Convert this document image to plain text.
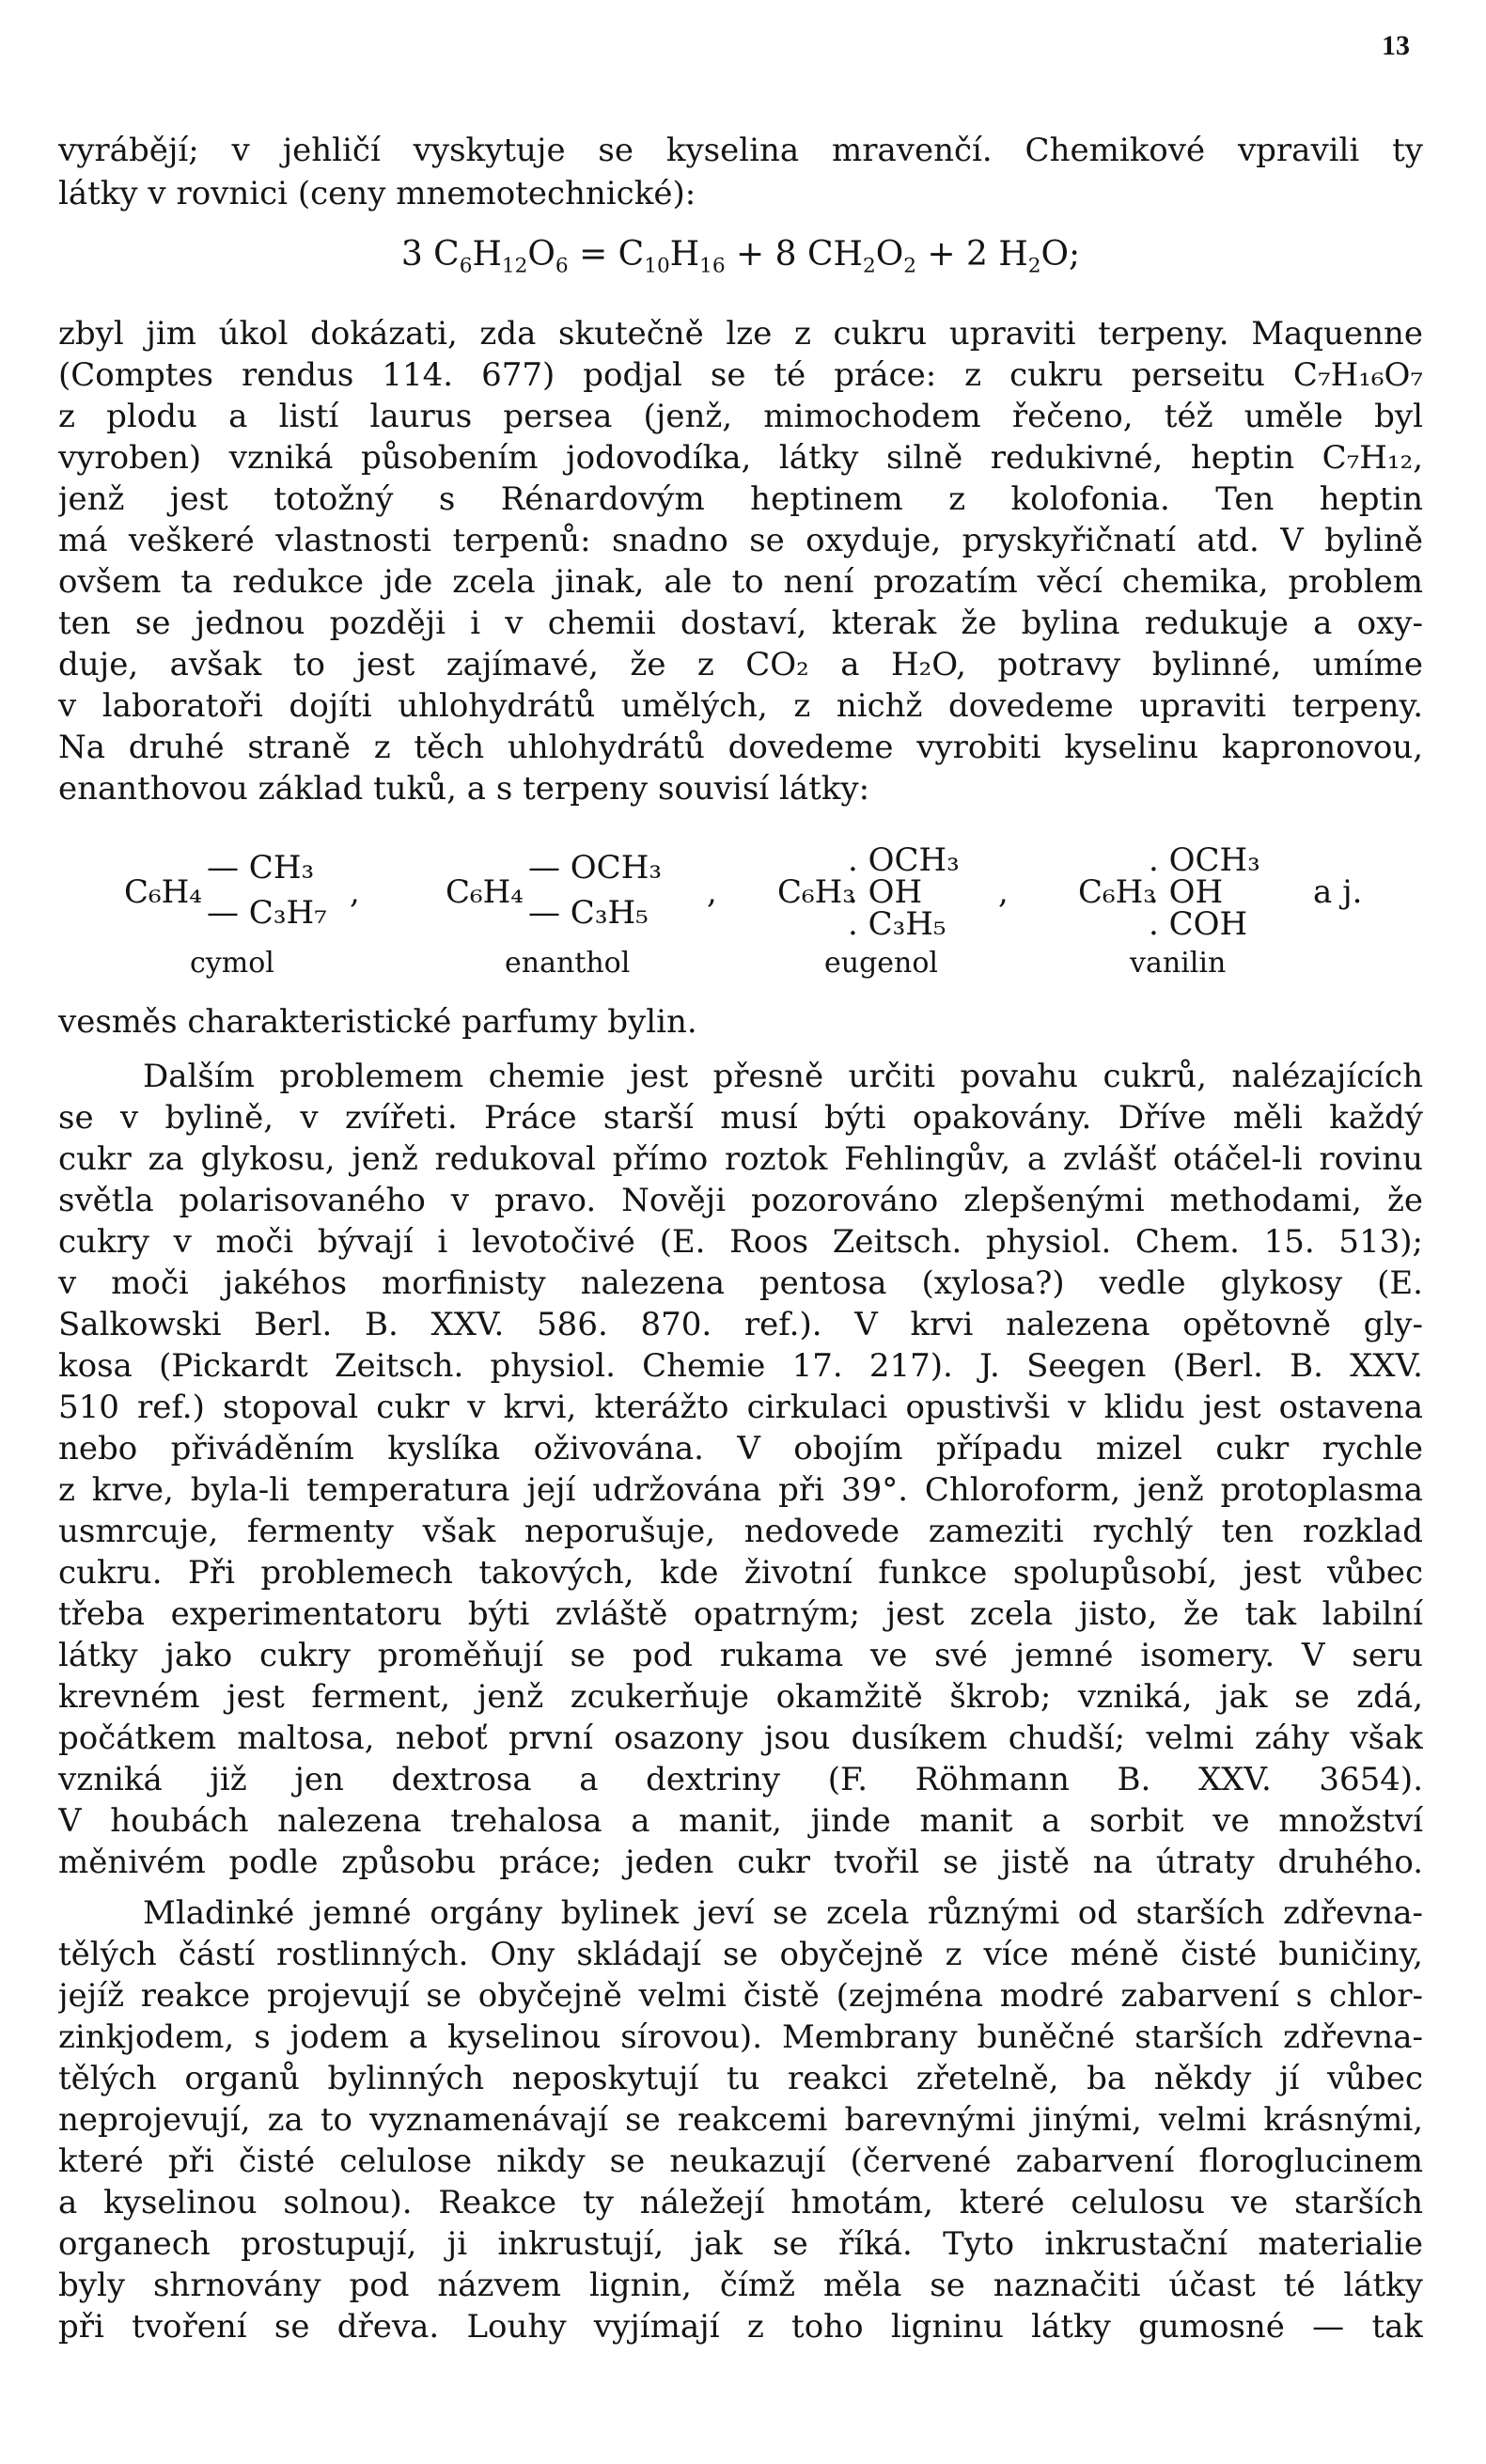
13
vyrábějí; v jehličí vyskytuje se kyselina mravenčí. Chemikové vpravili ty
látky v rovnici (ceny mnemotechnické):
3 $C_6H_{12}O_6 = C_{10}H_{16} + 8$ $CH_2O_2 + 2$ $H_2O$;
zbyl jim úkol dokázati, zda skutečně lze z cukru upraviti terpeny. Maquenne
(Comptes rendus 114. 677) podjal se té práce: z cukru perseitu C₇H₁₆O₇
z plodu a listí laurus persea (jenž, mimochodem řečeno, též uměle byl
vyroben) vzniká působením jodovodíka, látky silně redukivné, heptin C₇H₁₂,
jenž jest totožný s Rénardovým heptinem z kolofonia. Ten heptin
má veškeré vlastnosti terpenů: snadno se oxyduje, pryskyřičnatí atd. V bylině
ovšem ta redukce jde zcela jinak, ale to není prozatím věcí chemika, problem
ten se jednou později i v chemii dostaví, kterak že bylina redukuje a oxy-
duje, avšak to jest zajímavé, že z CO₂ a H₂O, potravy bylinné, umíme
v laboratoři dojíti uhlohydrátů umělých, z nichž dovedeme upraviti terpeny.
Na druhé straně z těch uhlohydrátů dovedeme vyrobiti kyselinu kapronovou,
enanthovou základ tuků, a s terpeny souvisí látky:
C₆H₄
— CH₃
— C₃H₇
,
cymol
C₆H₄
— OCH₃
— C₃H₅
,
enanthol
C₆H₃
. OCH₃
. OH
. C₃H₅
,
eugenol
C₆H₃
. OCH₃
. OH
. COH
a j.
vanilin
vesměs charakteristické parfumy bylin.
Dalším problemem chemie jest přesně určiti povahu cukrů, nalézajících
se v bylině, v zvířeti. Práce starší musí býti opakovány. Dříve měli každý
cukr za glykosu, jenž redukoval přímo roztok Fehlingův, a zvlášť otáčel-li rovinu
světla polarisovaného v pravo. Nověji pozorováno zlepšenými methodami, že
cukry v moči bývají i levotočivé (E. Roos Zeitsch. physiol. Chem. 15. 513);
v moči jakéhos morfinisty nalezena pentosa (xylosa?) vedle glykosy (E.
Salkowski Berl. B. XXV. 586. 870. ref.). V krvi nalezena opětovně gly-
kosa (Pickardt Zeitsch. physiol. Chemie 17. 217). J. Seegen (Berl. B. XXV.
510 ref.) stopoval cukr v krvi, kterážto cirkulaci opustivši v klidu jest ostavena
nebo přiváděním kyslíka oživována. V obojím případu mizel cukr rychle
z krve, byla-li temperatura její udržována při 39°. Chloroform, jenž protoplasma
usmrcuje, fermenty však neporušuje, nedovede zameziti rychlý ten rozklad
cukru. Při problemech takových, kde životní funkce spolupůsobí, jest vůbec
třeba experimentatoru býti zvláště opatrným; jest zcela jisto, že tak labilní
látky jako cukry proměňují se pod rukama ve své jemné isomery. V seru
krevném jest ferment, jenž zcukerňuje okamžitě škrob; vzniká, jak se zdá,
počátkem maltosa, neboť první osazony jsou dusíkem chudší; velmi záhy však
vzniká již jen dextrosa a dextriny (F. Röhmann B. XXV. 3654).
V houbách nalezena trehalosa a manit, jinde manit a sorbit ve množství
měnivém podle způsobu práce; jeden cukr tvořil se jistě na útraty druhého.
Mladinké jemné orgány bylinek jeví se zcela různými od starších zdřevna-
tělých částí rostlinných. Ony skládají se obyčejně z více méně čisté buničiny,
jejíž reakce projevují se obyčejně velmi čistě (zejména modré zabarvení s chlor-
zinkjodem, s jodem a kyselinou sírovou). Membrany buněčné starších zdřevna-
tělých organů bylinných neposkytují tu reakci zřetelně, ba někdy jí vůbec
neprojevují, za to vyznamenávají se reakcemi barevnými jinými, velmi krásnými,
které při čisté celulose nikdy se neukazují (červené zabarvení floroglucinem
a kyselinou solnou). Reakce ty náležejí hmotám, které celulosu ve starších
organech prostupují, ji inkrustují, jak se říká. Tyto inkrustační materialie
byly shrnovány pod názvem lignin, čímž měla se naznačiti účast té látky
při tvoření se dřeva. Louhy vyjímají z toho ligninu látky gumosné — tak
